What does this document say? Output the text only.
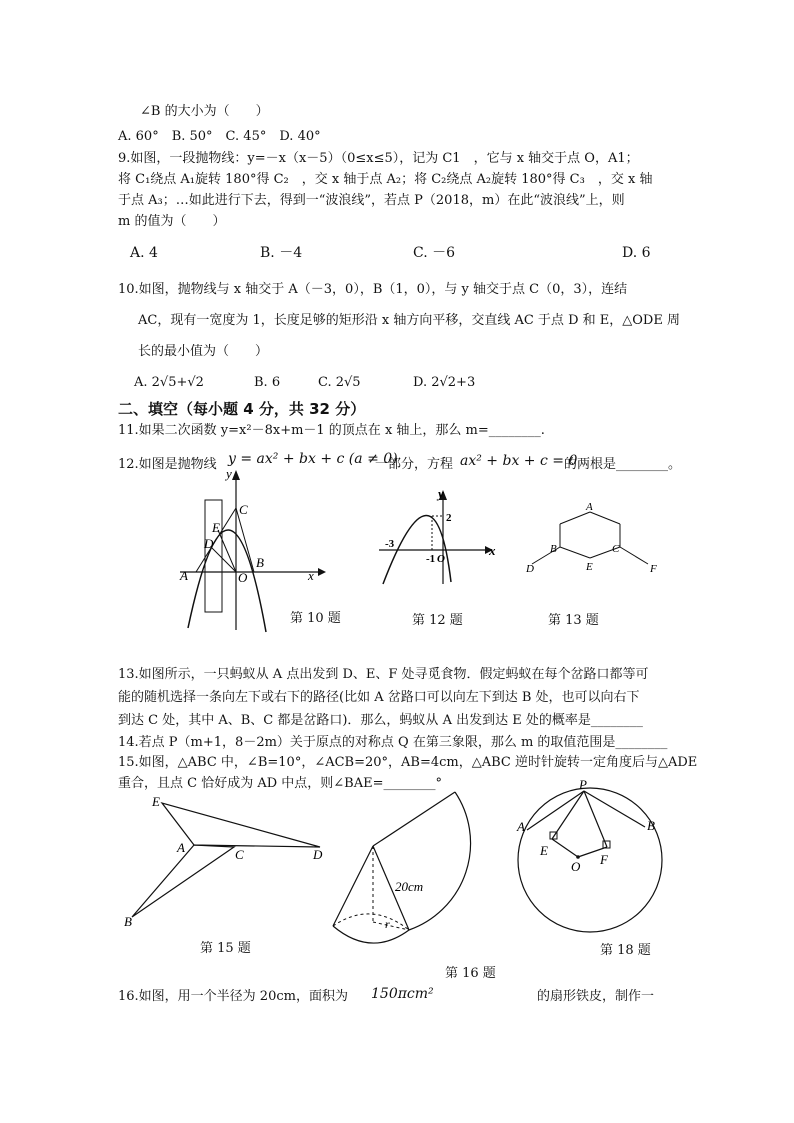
∠B 的大小为（　　）
A. 60°　B. 50°　C. 45°　D. 40°
9.如图，一段抛物线：y=－x（x－5）（0≤x≤5），记为 C1　，它与 x 轴交于点 O，A1；
将 C₁绕点 A₁旋转 180°得 C₂　，交 x 轴于点 A₂；将 C₂绕点 A₂旋转 180°得 C₃　，交 x 轴
于点 A₃；…如此进行下去，得到一“波浪线”，若点 P（2018，m）在此“波浪线”上，则
m 的值为（　　）
A. 4	B. －4	C. －6	D. 6
10.如图，抛物线与 x 轴交于 A（－3，0），B（1，0），与 y 轴交于点 C（0，3），连结
AC，现有一宽度为 1，长度足够的矩形沿 x 轴方向平移，交直线 AC 于点 D 和 E，△ODE 周
长的最小值为（　　）
A. 2√5+√2	B. 6	C. 2√5	D. 2√2+3
二、填空（每小题 4 分，共 32 分）
11.如果二次函数 y=x²－8x+m－1 的顶点在 x 轴上，那么 m=________.
12.如图是抛物线 y = ax² + bx + c (a ≠ 0)
一部分，方程 ax² + bx + c = 0
的两根是________。
y
x
C
E
D
A	O
B
y
x
2
-3
-1 O
A
B	C
D	E	F
第 10 题	第 12 题	第 13 题
13.如图所示，一只蚂蚁从 A 点出发到 D、E、F 处寻觅食物．假定蚂蚁在每个岔路口都等可
能的随机选择一条向左下或右下的路径(比如 A 岔路口可以向左下到达 B 处，也可以向右下
到达 C 处，其中 A、B、C 都是岔路口)．那么，蚂蚁从 A 出发到达 E 处的概率是________
14.若点 P（m+1，8－2m）关于原点的对称点 Q 在第三象限，那么 m 的取值范围是________
15.如图，△ABC 中，∠B=10°，∠ACB=20°，AB=4cm，△ABC 逆时针旋转一定角度后与△ADE
重合，且点 C 恰好成为 AD 中点，则∠BAE=________°
E
A	C	D
B
20cm
r
P
A	B
E
O F
第 15 题	第 18 题
第 16 题
16.如图，用一个半径为 20cm，面积为 150πcm²	的扇形铁皮，制作一
